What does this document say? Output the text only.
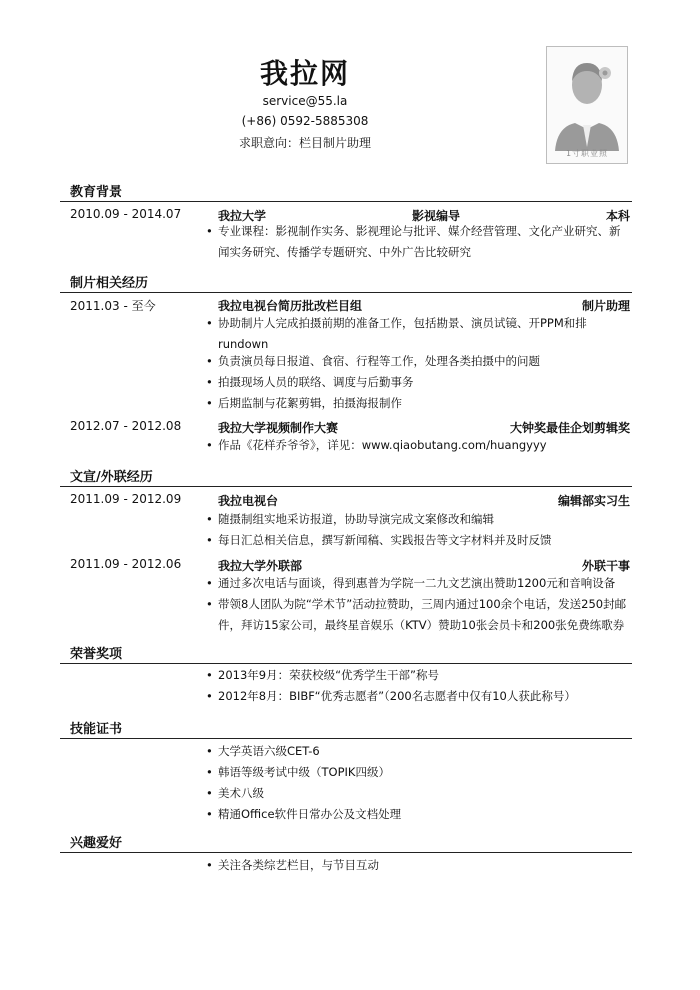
我拉网
service@55.la
(+86) 0592-5885308
求职意向：栏目制片助理
1寸职业照
教育背景
2010.09 - 2014.07	我拉大学	影视编导	本科
• 专业课程：影视制作实务、影视理论与批评、媒介经营管理、文化产业研究、新闻实务研究、传播学专题研究、中外广告比较研究
制片相关经历
2011.03 - 至今	我拉电视台简历批改栏目组	制片助理
• 协助制片人完成拍摄前期的准备工作，包括勘景、演员试镜、开PPM和排rundown
• 负责演员每日报道、食宿、行程等工作，处理各类拍摄中的问题
• 拍摄现场人员的联络、调度与后勤事务
• 后期监制与花絮剪辑，拍摄海报制作
2012.07 - 2012.08	我拉大学视频制作大赛	大钟奖最佳企划剪辑奖
• 作品《花样乔爷爷》，详见：www.qiaobutang.com/huangyyy
文宣/外联经历
2011.09 - 2012.09	我拉电视台	编辑部实习生
• 随摄制组实地采访报道，协助导演完成文案修改和编辑
• 每日汇总相关信息，撰写新闻稿、实践报告等文字材料并及时反馈
2011.09 - 2012.06	我拉大学外联部	外联干事
• 通过多次电话与面谈，得到惠普为学院一二九文艺演出赞助1200元和音响设备
• 带领8人团队为院“学术节”活动拉赞助，三周内通过100余个电话，发送250封邮件，拜访15家公司，最终星音娱乐（KTV）赞助10张会员卡和200张免费练歌券
荣誉奖项
• 2013年9月：荣获校级“优秀学生干部”称号
• 2012年8月：BIBF“优秀志愿者”（200名志愿者中仅有10人获此称号）
技能证书
• 大学英语六级CET-6
• 韩语等级考试中级（TOPIK四级）
• 美术八级
• 精通Office软件日常办公及文档处理
兴趣爱好
• 关注各类综艺栏目，与节目互动
